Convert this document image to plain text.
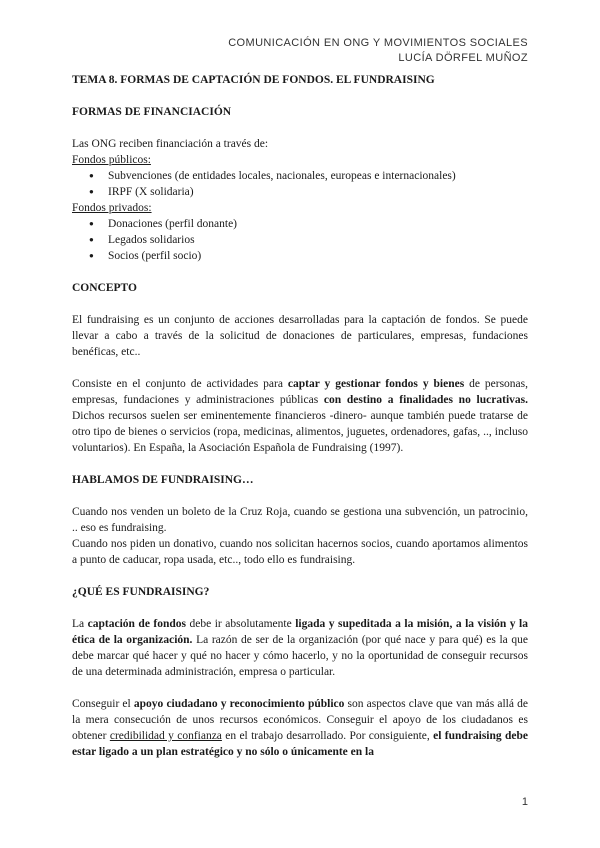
COMUNICACIÓN EN ONG Y MOVIMIENTOS SOCIALES
LUCÍA DÖRFEL MUÑOZ

TEMA 8. FORMAS DE CAPTACIÓN DE FONDOS. EL FUNDRAISING

FORMAS DE FINANCIACIÓN

Las ONG reciben financiación a través de:

Fondos públicos:

● Subvenciones (de entidades locales, nacionales, europeas e internacionales)
● IRPF (X solidaria)

Fondos privados:

● Donaciones (perfil donante)
● Legados solidarios
● Socios (perfil socio)
CONCEPTO

El fundraising es un conjunto de acciones desarrolladas para la captación de fondos. Se puede llevar a cabo a través de la solicitud de donaciones de particulares, empresas, fundaciones benéficas, etc..

Consiste en el conjunto de actividades para captar y gestionar fondos y bienes de personas, empresas, fundaciones y administraciones públicas con destino a finalidades no lucrativas. Dichos recursos suelen ser eminentemente financieros -dinero- aunque también puede tratarse de otro tipo de bienes o servicios (ropa, medicinas, alimentos, juguetes, ordenadores, gafas, .., incluso voluntarios). En España, la Asociación Española de Fundraising (1997).

HABLAMOS DE FUNDRAISING…

Cuando nos venden un boleto de la Cruz Roja, cuando se gestiona una subvención, un patrocinio, .. eso es fundraising.

Cuando nos piden un donativo, cuando nos solicitan hacernos socios, cuando aportamos alimentos a punto de caducar, ropa usada, etc.., todo ello es fundraising.

¿QUÉ ES FUNDRAISING?

La captación de fondos debe ir absolutamente ligada y supeditada a la misión, a la visión y la ética de la organización. La razón de ser de la organización (por qué nace y para qué) es la que debe marcar qué hacer y qué no hacer y cómo hacerlo, y no la oportunidad de conseguir recursos de una determinada administración, empresa o particular.

Conseguir el apoyo ciudadano y reconocimiento público son aspectos clave que van más allá de la mera consecución de unos recursos económicos. Conseguir el apoyo de los ciudadanos es obtener credibilidad y confianza en el trabajo desarrollado. Por consiguiente, el fundraising debe estar ligado a un plan estratégico y no sólo o únicamente en la

1
